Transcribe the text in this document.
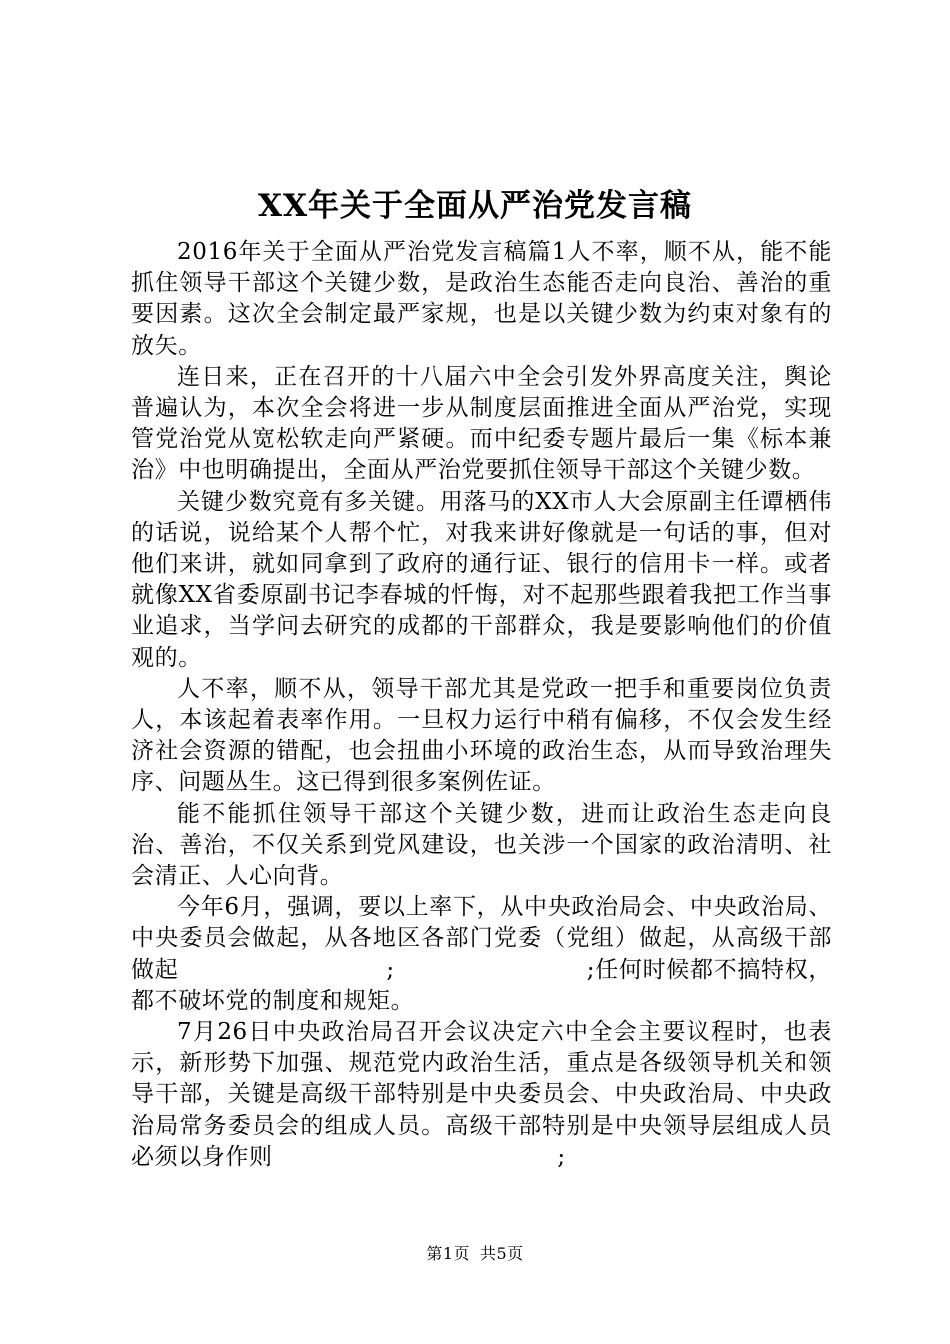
XX年关于全面从严治党发言稿

2016年关于全面从严治党发言稿篇1人不率，顺不从，能不能抓住领导干部这个关键少数，是政治生态能否走向良治、善治的重要因素。这次全会制定最严家规，也是以关键少数为约束对象有的放矢。

连日来，正在召开的十八届六中全会引发外界高度关注，舆论普遍认为，本次全会将进一步从制度层面推进全面从严治党，实现管党治党从宽松软走向严紧硬。而中纪委专题片最后一集《标本兼治》中也明确提出，全面从严治党要抓住领导干部这个关键少数。

关键少数究竟有多关键。用落马的XX市人大会原副主任谭栖伟的话说，说给某个人帮个忙，对我来讲好像就是一句话的事，但对他们来讲，就如同拿到了政府的通行证、银行的信用卡一样。或者就像XX省委原副书记李春城的忏悔，对不起那些跟着我把工作当事业追求，当学问去研究的成都的干部群众，我是要影响他们的价值观的。

人不率，顺不从，领导干部尤其是党政一把手和重要岗位负责人，本该起着表率作用。一旦权力运行中稍有偏移，不仅会发生经济社会资源的错配，也会扭曲小环境的政治生态，从而导致治理失序、问题丛生。这已得到很多案例佐证。

能不能抓住领导干部这个关键少数，进而让政治生态走向良治、善治，不仅关系到党风建设，也关涉一个国家的政治清明、社会清正、人心向背。

今年6月，强调，要以上率下，从中央政治局会、中央政治局、中央委员会做起，从各地区各部门党委（党组）做起，从高级干部做起                          ;                        ;任何时候都不搞特权，都不破坏党的制度和规矩。

7月26日中央政治局召开会议决定六中全会主要议程时，也表示，新形势下加强、规范党内政治生活，重点是各级领导机关和领导干部，关键是高级干部特别是中央委员会、中央政治局、中央政治局常务委员会的组成人员。高级干部特别是中央领导层组成人员必须以身作则                                    ;

第1页 共5页
